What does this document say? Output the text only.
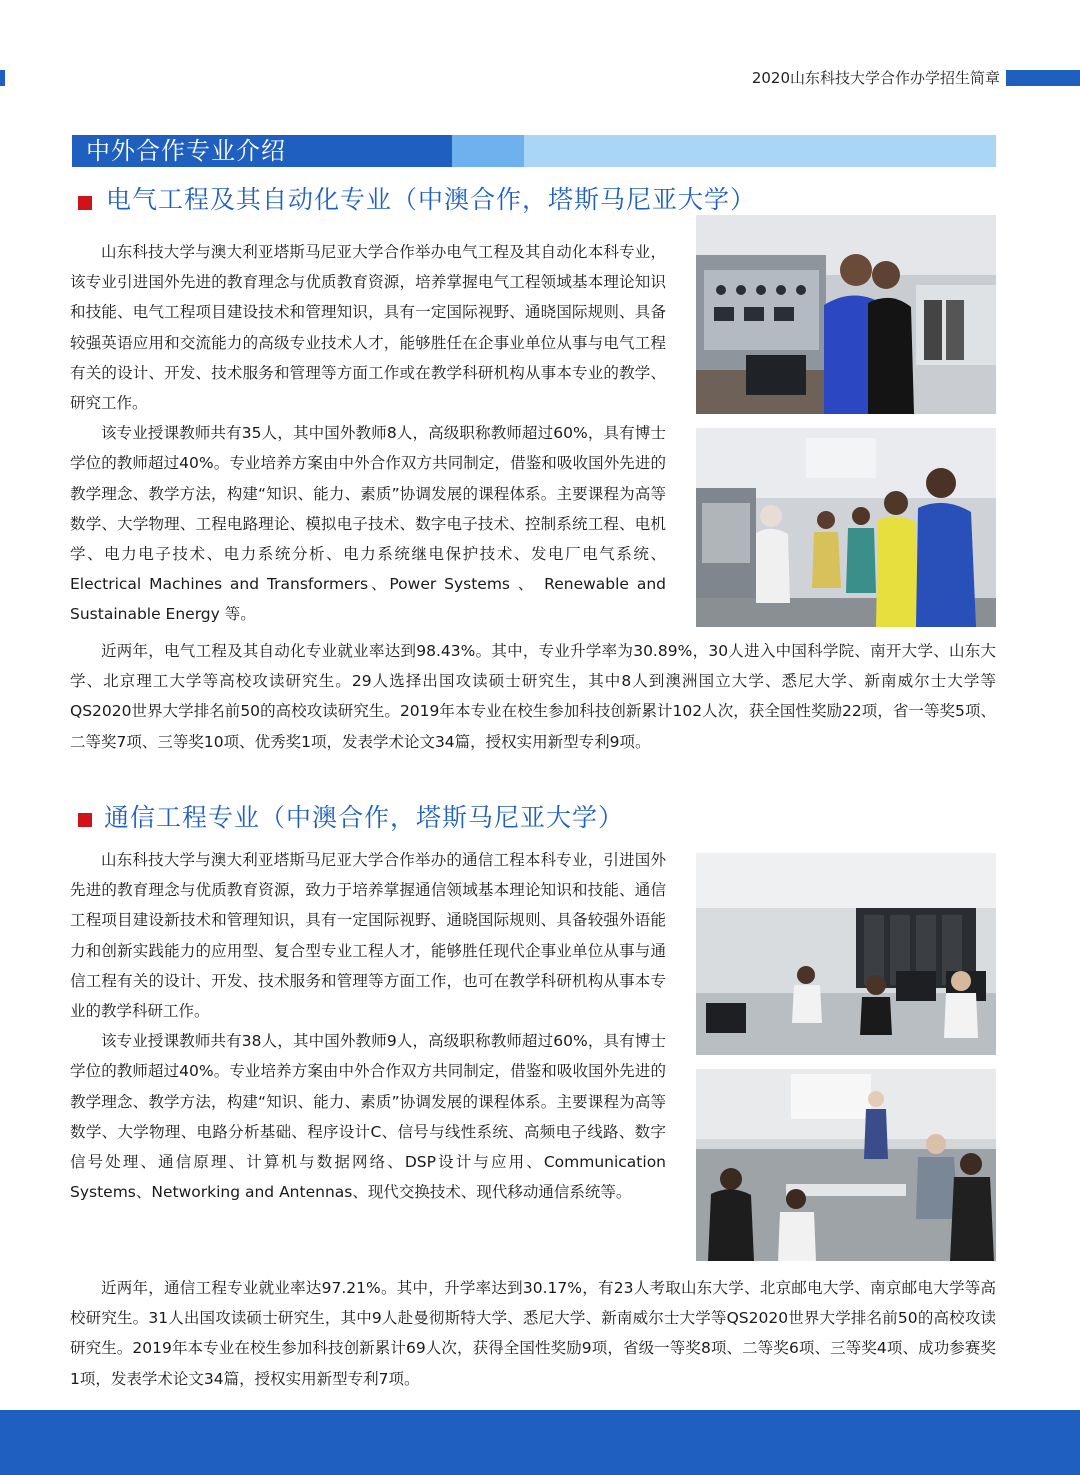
2020山东科技大学合作办学招生简章
中外合作专业介绍
电气工程及其自动化专业（中澳合作，塔斯马尼亚大学）

山东科技大学与澳大利亚塔斯马尼亚大学合作举办电气工程及其自动化本科专业，该专业引进国外先进的教育理念与优质教育资源，培养掌握电气工程领域基本理论知识和技能、电气工程项目建设技术和管理知识，具有一定国际视野、通晓国际规则、具备较强英语应用和交流能力的高级专业技术人才，能够胜任在企事业单位从事与电气工程有关的设计、开发、技术服务和管理等方面工作或在教学科研机构从事本专业的教学、研究工作。

该专业授课教师共有35人，其中国外教师8人，高级职称教师超过60%，具有博士学位的教师超过40%。专业培养方案由中外合作双方共同制定，借鉴和吸收国外先进的教学理念、教学方法，构建“知识、能力、素质”协调发展的课程体系。主要课程为高等数学、大学物理、工程电路理论、模拟电子技术、数字电子技术、控制系统工程、电机学、电力电子技术、电力系统分析、电力系统继电保护技术、发电厂电气系统、 Electrical Machines and Transformers、Power Systems 、 Renewable and Sustainable Energy 等。

近两年，电气工程及其自动化专业就业率达到98.43%。其中，专业升学率为30.89%，30人进入中国科学院、南开大学、山东大学、北京理工大学等高校攻读研究生。29人选择出国攻读硕士研究生，其中8人到澳洲国立大学、悉尼大学、新南威尔士大学等QS2020世界大学排名前50的高校攻读研究生。2019年本专业在校生参加科技创新累计102人次，获全国性奖励22项，省一等奖5项、二等奖7项、三等奖10项、优秀奖1项，发表学术论文34篇，授权实用新型专利9项。

通信工程专业（中澳合作，塔斯马尼亚大学）

山东科技大学与澳大利亚塔斯马尼亚大学合作举办的通信工程本科专业，引进国外先进的教育理念与优质教育资源，致力于培养掌握通信领域基本理论知识和技能、通信工程项目建设新技术和管理知识，具有一定国际视野、通晓国际规则、具备较强外语能力和创新实践能力的应用型、复合型专业工程人才，能够胜任现代企事业单位从事与通信工程有关的设计、开发、技术服务和管理等方面工作，也可在教学科研机构从事本专业的教学科研工作。

该专业授课教师共有38人，其中国外教师9人，高级职称教师超过60%，具有博士学位的教师超过40%。专业培养方案由中外合作双方共同制定，借鉴和吸收国外先进的教学理念、教学方法，构建“知识、能力、素质”协调发展的课程体系。主要课程为高等数学、大学物理、电路分析基础、程序设计C、信号与线性系统、高频电子线路、数字信号处理、通信原理、计算机与数据网络、DSP设计与应用、Communication Systems、Networking and Antennas、现代交换技术、现代移动通信系统等。

近两年，通信工程专业就业率达97.21%。其中，升学率达到30.17%，有23人考取山东大学、北京邮电大学、南京邮电大学等高校研究生。31人出国攻读硕士研究生，其中9人赴曼彻斯特大学、悉尼大学、新南威尔士大学等QS2020世界大学排名前50的高校攻读研究生。2019年本专业在校生参加科技创新累计69人次，获得全国性奖励9项，省级一等奖8项、二等奖6项、三等奖4项、成功参赛奖1项，发表学术论文34篇，授权实用新型专利7项。
